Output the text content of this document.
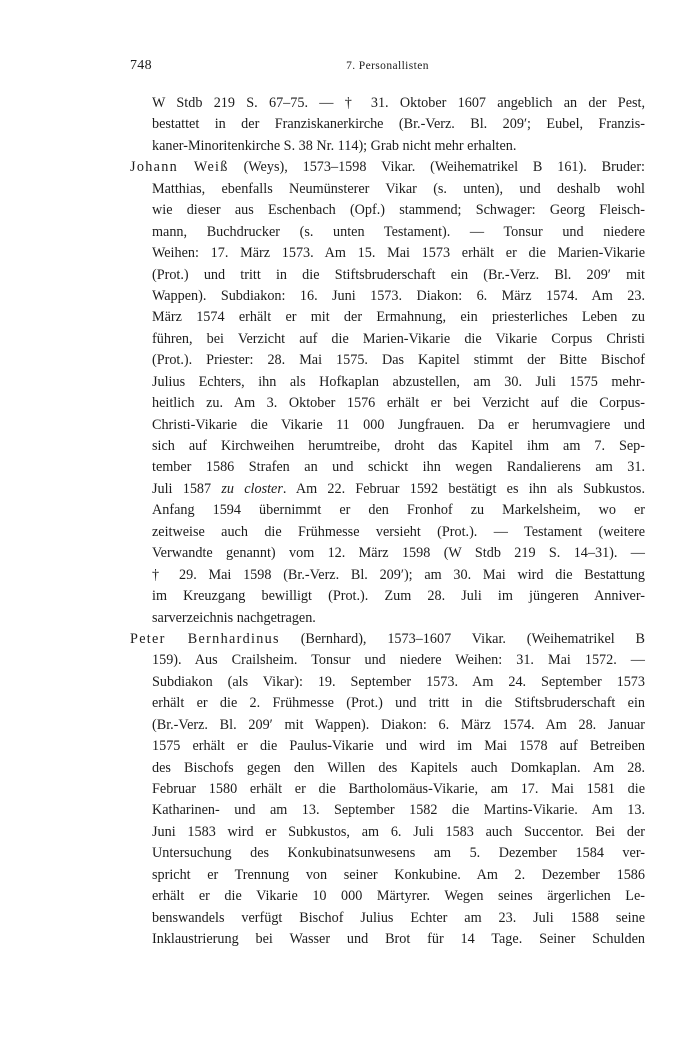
748	7. Personallisten
W Stdb 219 S. 67–75. — † 31. Oktober 1607 angeblich an der Pest,
bestattet in der Franziskanerkirche (Br.-Verz. Bl. 209′; Eubel, Franzis-
kaner-Minoritenkirche S. 38 Nr. 114); Grab nicht mehr erhalten.
Johann Weiß (Weys), 1573–1598 Vikar. (Weihematrikel B 161). Bruder:
Matthias, ebenfalls Neumünsterer Vikar (s. unten), und deshalb wohl
wie dieser aus Eschenbach (Opf.) stammend; Schwager: Georg Fleisch-
mann, Buchdrucker (s. unten Testament). — Tonsur und niedere
Weihen: 17. März 1573. Am 15. Mai 1573 erhält er die Marien-Vikarie
(Prot.) und tritt in die Stiftsbruderschaft ein (Br.-Verz. Bl. 209′ mit
Wappen). Subdiakon: 16. Juni 1573. Diakon: 6. März 1574. Am 23.
März 1574 erhält er mit der Ermahnung, ein priesterliches Leben zu
führen, bei Verzicht auf die Marien-Vikarie die Vikarie Corpus Christi
(Prot.). Priester: 28. Mai 1575. Das Kapitel stimmt der Bitte Bischof
Julius Echters, ihn als Hofkaplan abzustellen, am 30. Juli 1575 mehr-
heitlich zu. Am 3. Oktober 1576 erhält er bei Verzicht auf die Corpus-
Christi-Vikarie die Vikarie 11 000 Jungfrauen. Da er herumvagiere und
sich auf Kirchweihen herumtreibe, droht das Kapitel ihm am 7. Sep-
tember 1586 Strafen an und schickt ihn wegen Randalierens am 31.
Juli 1587 zu closter. Am 22. Februar 1592 bestätigt es ihn als Subkustos.
Anfang 1594 übernimmt er den Fronhof zu Markelsheim, wo er
zeitweise auch die Frühmesse versieht (Prot.). — Testament (weitere
Verwandte genannt) vom 12. März 1598 (W Stdb 219 S. 14–31). —
† 29. Mai 1598 (Br.-Verz. Bl. 209′); am 30. Mai wird die Bestattung
im Kreuzgang bewilligt (Prot.). Zum 28. Juli im jüngeren Anniver-
sarverzeichnis nachgetragen.
Peter Bernhardinus (Bernhard), 1573–1607 Vikar. (Weihematrikel B
159). Aus Crailsheim. Tonsur und niedere Weihen: 31. Mai 1572. —
Subdiakon (als Vikar): 19. September 1573. Am 24. September 1573
erhält er die 2. Frühmesse (Prot.) und tritt in die Stiftsbruderschaft ein
(Br.-Verz. Bl. 209′ mit Wappen). Diakon: 6. März 1574. Am 28. Januar
1575 erhält er die Paulus-Vikarie und wird im Mai 1578 auf Betreiben
des Bischofs gegen den Willen des Kapitels auch Domkaplan. Am 28.
Februar 1580 erhält er die Bartholomäus-Vikarie, am 17. Mai 1581 die
Katharinen- und am 13. September 1582 die Martins-Vikarie. Am 13.
Juni 1583 wird er Subkustos, am 6. Juli 1583 auch Succentor. Bei der
Untersuchung des Konkubinatsunwesens am 5. Dezember 1584 ver-
spricht er Trennung von seiner Konkubine. Am 2. Dezember 1586
erhält er die Vikarie 10 000 Märtyrer. Wegen seines ärgerlichen Le-
benswandels verfügt Bischof Julius Echter am 23. Juli 1588 seine
Inklaustrierung bei Wasser und Brot für 14 Tage. Seiner Schulden
